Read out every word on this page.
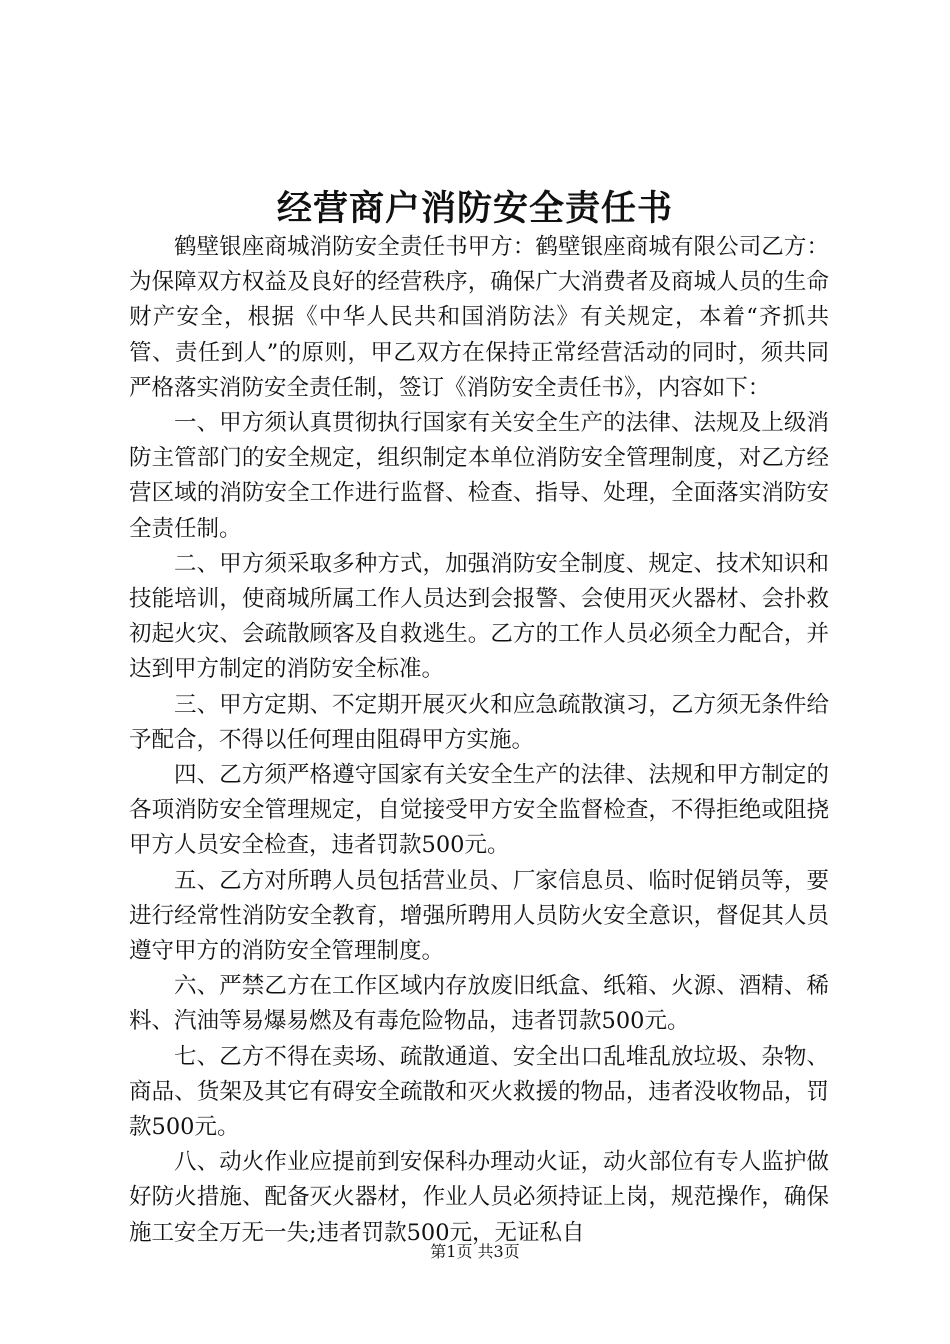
经营商户消防安全责任书

鹤壁银座商城消防安全责任书甲方：鹤壁银座商城有限公司乙方：为保障双方权益及良好的经营秩序，确保广大消费者及商城人员的生命财产安全，根据《中华人民共和国消防法》有关规定，本着“齐抓共管、责任到人”的原则，甲乙双方在保持正常经营活动的同时，须共同严格落实消防安全责任制，签订《消防安全责任书》，内容如下：

一、甲方须认真贯彻执行国家有关安全生产的法律、法规及上级消防主管部门的安全规定，组织制定本单位消防安全管理制度，对乙方经营区域的消防安全工作进行监督、检查、指导、处理，全面落实消防安全责任制。

二、甲方须采取多种方式，加强消防安全制度、规定、技术知识和技能培训，使商城所属工作人员达到会报警、会使用灭火器材、会扑救初起火灾、会疏散顾客及自救逃生。乙方的工作人员必须全力配合，并达到甲方制定的消防安全标准。

三、甲方定期、不定期开展灭火和应急疏散演习，乙方须无条件给予配合，不得以任何理由阻碍甲方实施。

四、乙方须严格遵守国家有关安全生产的法律、法规和甲方制定的各项消防安全管理规定，自觉接受甲方安全监督检查，不得拒绝或阻挠甲方人员安全检查，违者罚款500元。

五、乙方对所聘人员包括营业员、厂家信息员、临时促销员等，要进行经常性消防安全教育，增强所聘用人员防火安全意识，督促其人员遵守甲方的消防安全管理制度。

六、严禁乙方在工作区域内存放废旧纸盒、纸箱、火源、酒精、稀料、汽油等易爆易燃及有毒危险物品，违者罚款500元。

七、乙方不得在卖场、疏散通道、安全出口乱堆乱放垃圾、杂物、商品、货架及其它有碍安全疏散和灭火救援的物品，违者没收物品，罚款500元。

八、动火作业应提前到安保科办理动火证，动火部位有专人监护做好防火措施、配备灭火器材，作业人员必须持证上岗，规范操作，确保施工安全万无一失;违者罚款500元，无证私自

第1页 共3页
